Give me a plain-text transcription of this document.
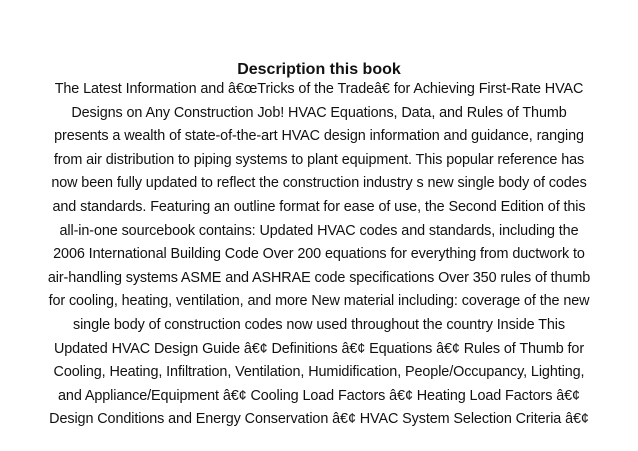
Description this book
The Latest Information and â€œTricks of the Tradeâ€ for Achieving First-Rate HVAC
Designs on Any Construction Job! HVAC Equations, Data, and Rules of Thumb
presents a wealth of state-of-the-art HVAC design information and guidance, ranging
from air distribution to piping systems to plant equipment. This popular reference has
now been fully updated to reflect the construction industry s new single body of codes
and standards. Featuring an outline format for ease of use, the Second Edition of this
all-in-one sourcebook contains: Updated HVAC codes and standards, including the
2006 International Building Code Over 200 equations for everything from ductwork to
air-handling systems ASME and ASHRAE code specifications Over 350 rules of thumb
for cooling, heating, ventilation, and more New material including: coverage of the new
single body of construction codes now used throughout the country Inside This
Updated HVAC Design Guide â€¢ Definitions â€¢ Equations â€¢ Rules of Thumb for
Cooling, Heating, Infiltration, Ventilation, Humidification, People/Occupancy, Lighting,
and Appliance/Equipment â€¢ Cooling Load Factors â€¢ Heating Load Factors â€¢
Design Conditions and Energy Conservation â€¢ HVAC System Selection Criteria â€¢
